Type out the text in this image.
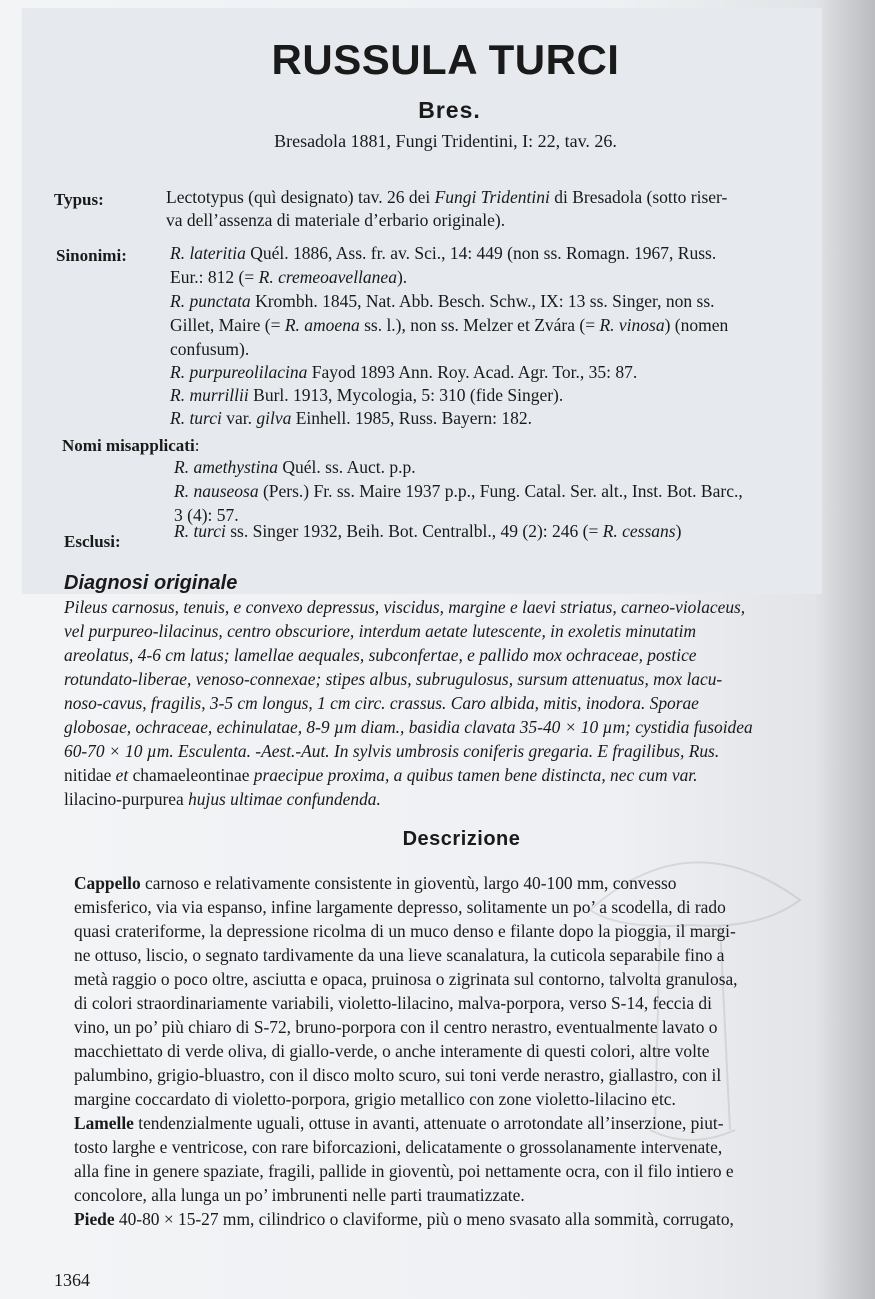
RUSSULA TURCI
Bres.
Bresadola 1881, Fungi Tridentini, I: 22, tav. 26.
Typus:	Lectotypus (quì designato) tav. 26 dei Fungi Tridentini di Bresadola (sotto riser-
va dell’assenza di materiale d’erbario originale).
Sinonimi: R. lateritia Quél. 1886, Ass. fr. av. Sci., 14: 449 (non ss. Romagn. 1967, Russ.
Eur.: 812 (= R. cremeoavellanea).
R. punctata Krombh. 1845, Nat. Abb. Besch. Schw., IX: 13 ss. Singer, non ss.
Gillet, Maire (= R. amoena ss. l.), non ss. Melzer et Zvára (= R. vinosa) (nomen
confusum).
R. purpureolilacina Fayod 1893 Ann. Roy. Acad. Agr. Tor., 35: 87.
R. murrillii Burl. 1913, Mycologia, 5: 310 (fide Singer).
R. turci var. gilva Einhell. 1985, Russ. Bayern: 182.
Nomi misapplicati:
R. amethystina Quél. ss. Auct. p.p.
R. nauseosa (Pers.) Fr. ss. Maire 1937 p.p., Fung. Catal. Ser. alt., Inst. Bot. Barc.,
3 (4): 57.
Esclusi:
R. turci ss. Singer 1932, Beih. Bot. Centralbl., 49 (2): 246 (= R. cessans)
Diagnosi originale
Pileus carnosus, tenuis, e convexo depressus, viscidus, margine e laevi striatus, carneo-violaceus,
vel purpureo-lilacinus, centro obscuriore, interdum aetate lutescente, in exoletis minutatim
areolatus, 4-6 cm latus; lamellae aequales, subconfertae, e pallido mox ochraceae, postice
rotundato-liberae, venoso-connexae; stipes albus, subrugulosus, sursum attenuatus, mox lacu-
noso-cavus, fragilis, 3-5 cm longus, 1 cm circ. crassus. Caro albida, mitis, inodora. Sporae
globosae, ochraceae, echinulatae, 8-9 µm diam., basidia clavata 35-40 × 10 µm; cystidia fusoidea
60-70 × 10 µm. Esculenta. -Aest.-Aut. In sylvis umbrosis coniferis gregaria. E fragilibus, Rus.
nitidae et chamaeleontinae praecipue proxima, a quibus tamen bene distincta, nec cum var.
lilacino-purpurea hujus ultimae confundenda.
Descrizione
Cappello carnoso e relativamente consistente in gioventù, largo 40-100 mm, convesso
emisferico, via via espanso, infine largamente depresso, solitamente un po’ a scodella, di rado
quasi crateriforme, la depressione ricolma di un muco denso e filante dopo la pioggia, il margi-
ne ottuso, liscio, o segnato tardivamente da una lieve scanalatura, la cuticola separabile fino a
metà raggio o poco oltre, asciutta e opaca, pruinosa o zigrinata sul contorno, talvolta granulosa,
di colori straordinariamente variabili, violetto-lilacino, malva-porpora, verso S-14, feccia di
vino, un po’ più chiaro di S-72, bruno-porpora con il centro nerastro, eventualmente lavato o
macchiettato di verde oliva, di giallo-verde, o anche interamente di questi colori, altre volte
palumbino, grigio-bluastro, con il disco molto scuro, sui toni verde nerastro, giallastro, con il
margine coccardato di violetto-porpora, grigio metallico con zone violetto-lilacino etc.
Lamelle tendenzialmente uguali, ottuse in avanti, attenuate o arrotondate all’inserzione, piut-
tosto larghe e ventricose, con rare biforcazioni, delicatamente o grossolanamente intervenate,
alla fine in genere spaziate, fragili, pallide in gioventù, poi nettamente ocra, con il filo intiero e
concolore, alla lunga un po’ imbrunenti nelle parti traumatizzate.
Piede 40-80 × 15-27 mm, cilindrico o claviforme, più o meno svasato alla sommità, corrugato,
1364
